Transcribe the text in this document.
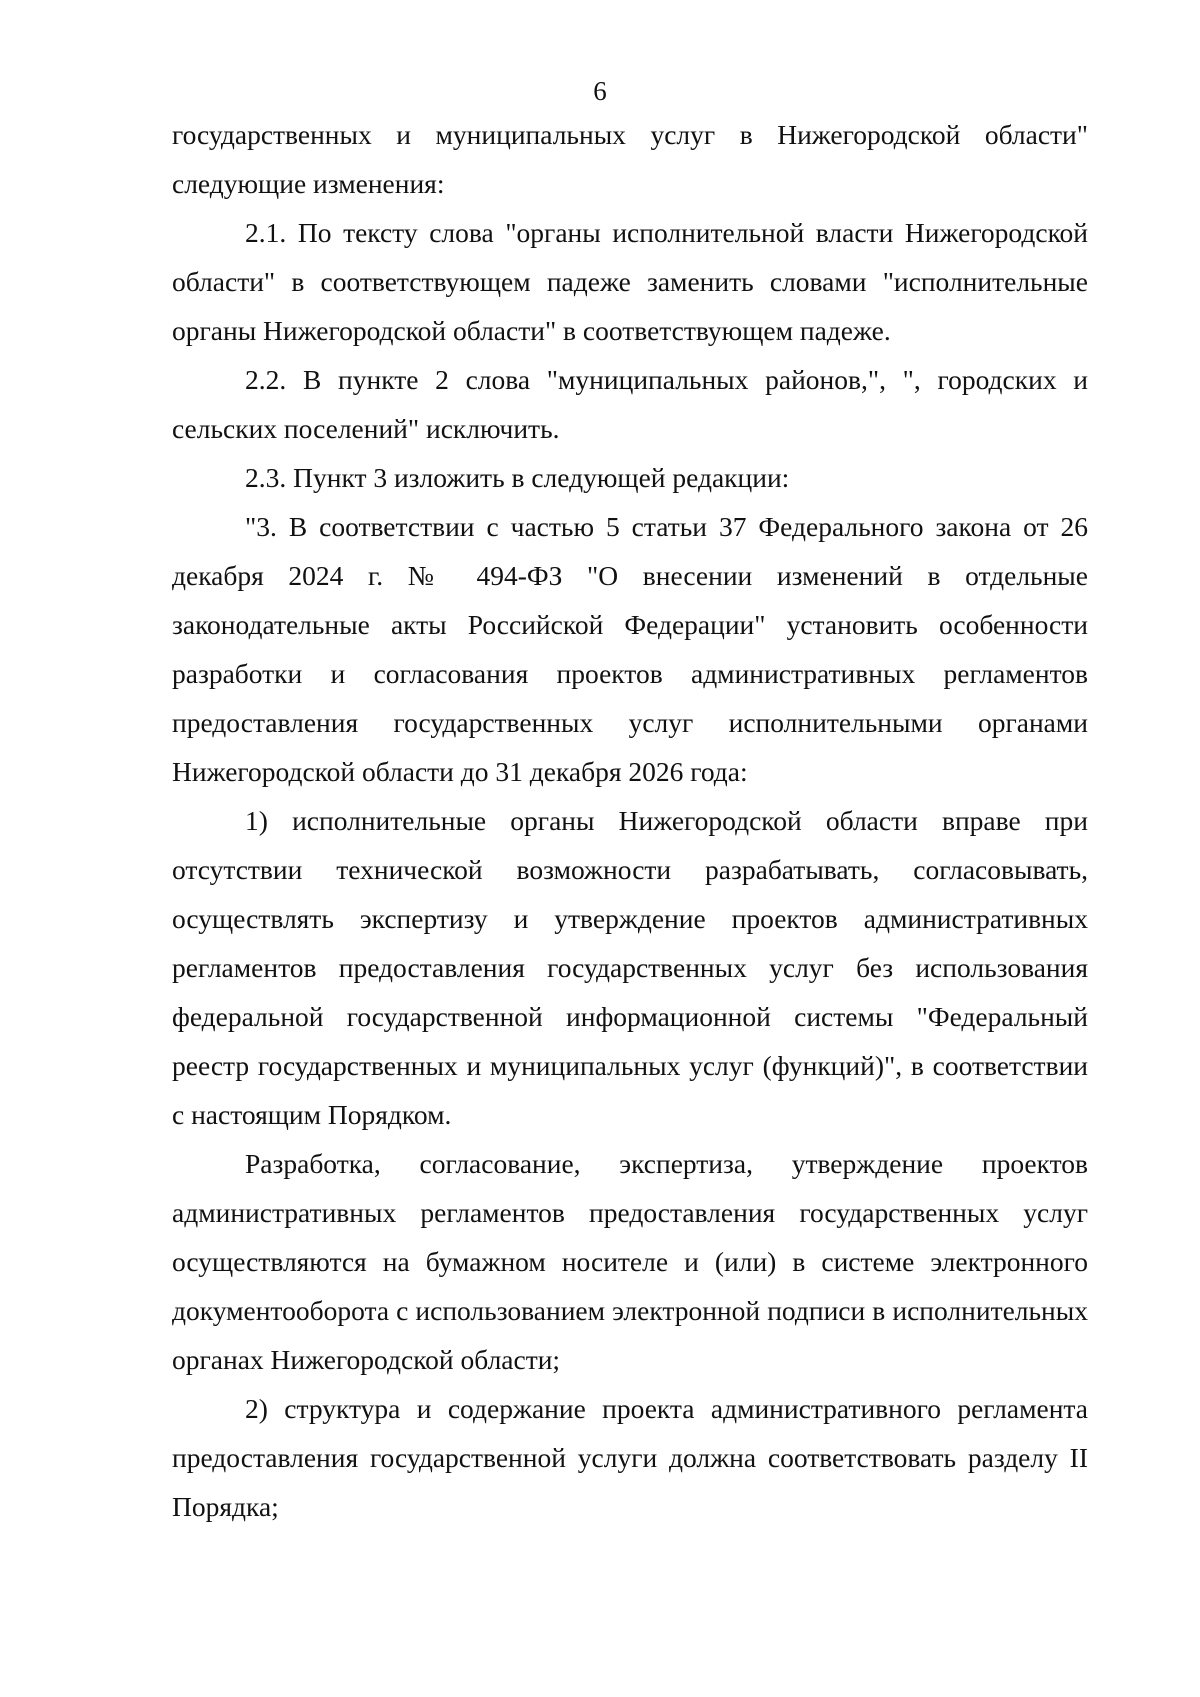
6

государственных и муниципальных услуг в Нижегородской области" следующие изменения:

2.1. По тексту слова "органы исполнительной власти Нижегородской области" в соответствующем падеже заменить словами "исполнительные органы Нижегородской области" в соответствующем падеже.

2.2. В пункте 2 слова "муниципальных районов,", ", городских и сельских поселений" исключить.

2.3. Пункт 3 изложить в следующей редакции:

"3. В соответствии с частью 5 статьи 37 Федерального закона от 26 декабря 2024 г. № 494-ФЗ "О внесении изменений в отдельные законодательные акты Российской Федерации" установить особенности разработки и согласования проектов административных регламентов предоставления государственных услуг исполнительными органами Нижегородской области до 31 декабря 2026 года:

1) исполнительные органы Нижегородской области вправе при отсутствии технической возможности разрабатывать, согласовывать, осуществлять экспертизу и утверждение проектов административных регламентов предоставления государственных услуг без использования федеральной государственной информационной системы "Федеральный реестр государственных и муниципальных услуг (функций)", в соответствии с настоящим Порядком.

Разработка, согласование, экспертиза, утверждение проектов административных регламентов предоставления государственных услуг осуществляются на бумажном носителе и (или) в системе электронного документооборота с использованием электронной подписи в исполнительных органах Нижегородской области;

2) структура и содержание проекта административного регламента предоставления государственной услуги должна соответствовать разделу II Порядка;
